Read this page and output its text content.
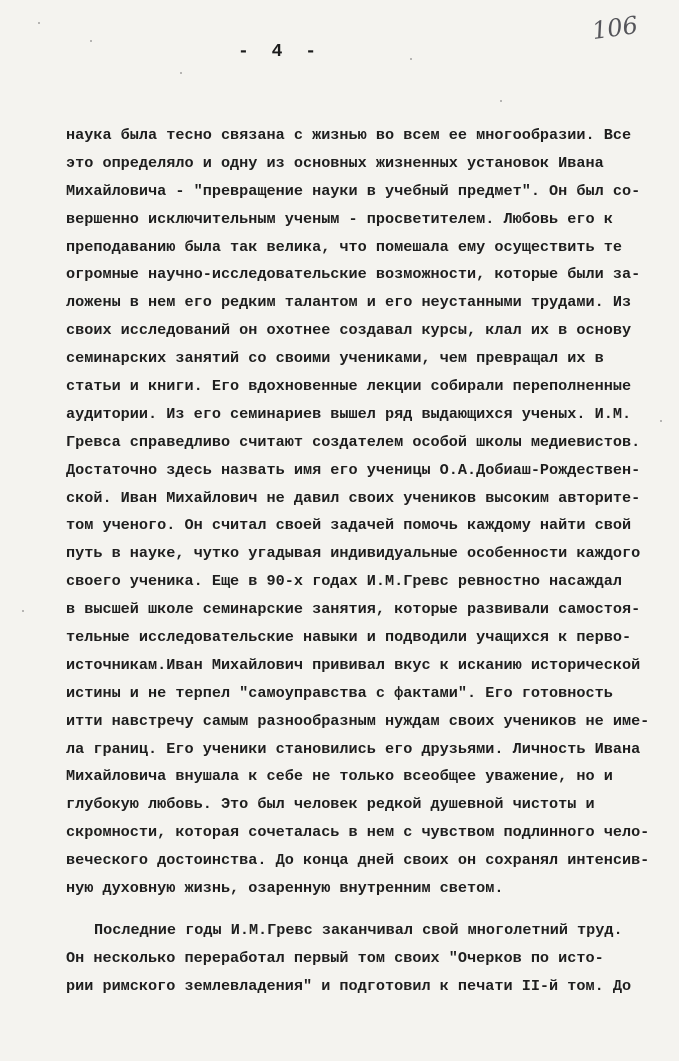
- 4 -
106
наука была тесно связана с жизнью во всем ее многообразии. Все
это определяло и одну из основных жизненных установок Ивана
Михайловича - "превращение науки в учебный предмет". Он был со-
вершенно исключительным ученым - просветителем. Любовь его к
преподаванию была так велика, что помешала ему осуществить те
огромные научно-исследовательские возможности, которые были за-
ложены в нем его редким талантом и его неустанными трудами. Из
своих исследований он охотнее создавал курсы, клал их в основу
семинарских занятий со своими учениками, чем превращал их в
статьи и книги. Его вдохновенные лекции собирали переполненные
аудитории. Из его семинариев вышел ряд выдающихся ученых. И.М.
Гревса справедливо считают создателем особой школы медиевистов.
Достаточно здесь назвать имя его ученицы О.А.Добиаш-Рождествен-
ской. Иван Михайлович не давил своих учеников высоким авторите-
том ученого. Он считал своей задачей помочь каждому найти свой
путь в науке, чутко угадывая индивидуальные особенности каждого
своего ученика. Еще в 90-х годах И.М.Гревс ревностно насаждал
в высшей школе семинарские занятия, которые развивали самостоя-
тельные исследовательские навыки и подводили учащихся к перво-
источникам.Иван Михайлович прививал вкус к исканию исторической
истины и не терпел "самоуправства с фактами". Его готовность
итти навстречу самым разнообразным нуждам своих учеников не име-
ла границ. Его ученики становились его друзьями. Личность Ивана
Михайловича внушала к себе не только всеобщее уважение, но и
глубокую любовь. Это был человек редкой душевной чистоты и
скромности, которая сочеталась в нем с чувством подлинного чело-
веческого достоинства. До конца дней своих он сохранял интенсив-
ную духовную жизнь, озаренную внутренним светом.
Последние годы И.М.Гревс заканчивал свой многолетний труд.
Он несколько переработал первый том своих "Очерков по исто-
рии римского землевладения" и подготовил к печати II-й том. До
